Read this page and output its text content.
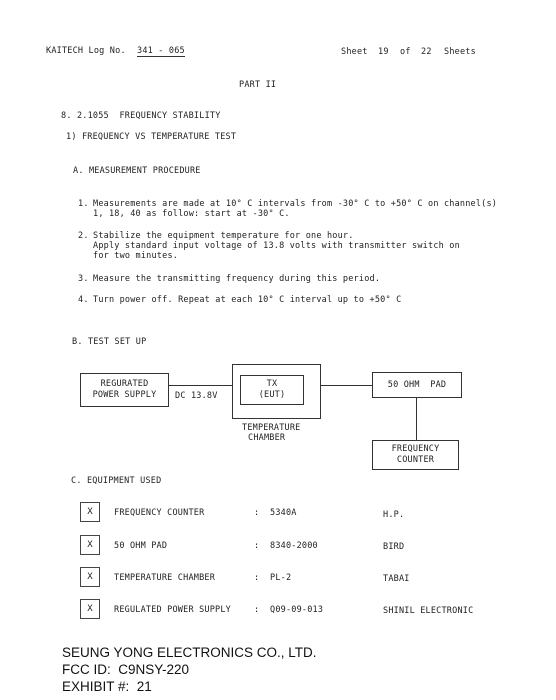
KAITECH Log No. 341 - 065	Sheet 19 of 22 Sheets
PART II
8. 2.1055  FREQUENCY STABILITY
1) FREQUENCY VS TEMPERATURE TEST
A. MEASUREMENT PROCEDURE
1. Measurements are made at 10° C intervals from -30° C to +50° C on channel(s)
1, 18, 40 as follow: start at -30° C.
2. Stabilize the equipment temperature for one hour.
Apply standard input voltage of 13.8 volts with transmitter switch on
for two minutes.
3. Measure the transmitting frequency during this period.
4. Turn power off. Repeat at each 10° C interval up to +50° C
B. TEST SET UP
REGURATED
POWER SUPPLY DC 13.8V
TX
(EUT)
TEMPERATURE
CHAMBER
50 OHM  PAD
FREQUENCY
COUNTER
C. EQUIPMENT USED
X	FREQUENCY COUNTER	: 5340A	H.P.
X	50 OHM PAD	: 8340-2000	BIRD
X	TEMPERATURE CHAMBER	: PL-2	TABAI
X	REGULATED POWER SUPPLY	: Q09-09-013	SHINIL ELECTRONIC
SEUNG YONG ELECTRONICS CO., LTD.
FCC ID:  C9NSY-220
EXHIBIT #:  21
